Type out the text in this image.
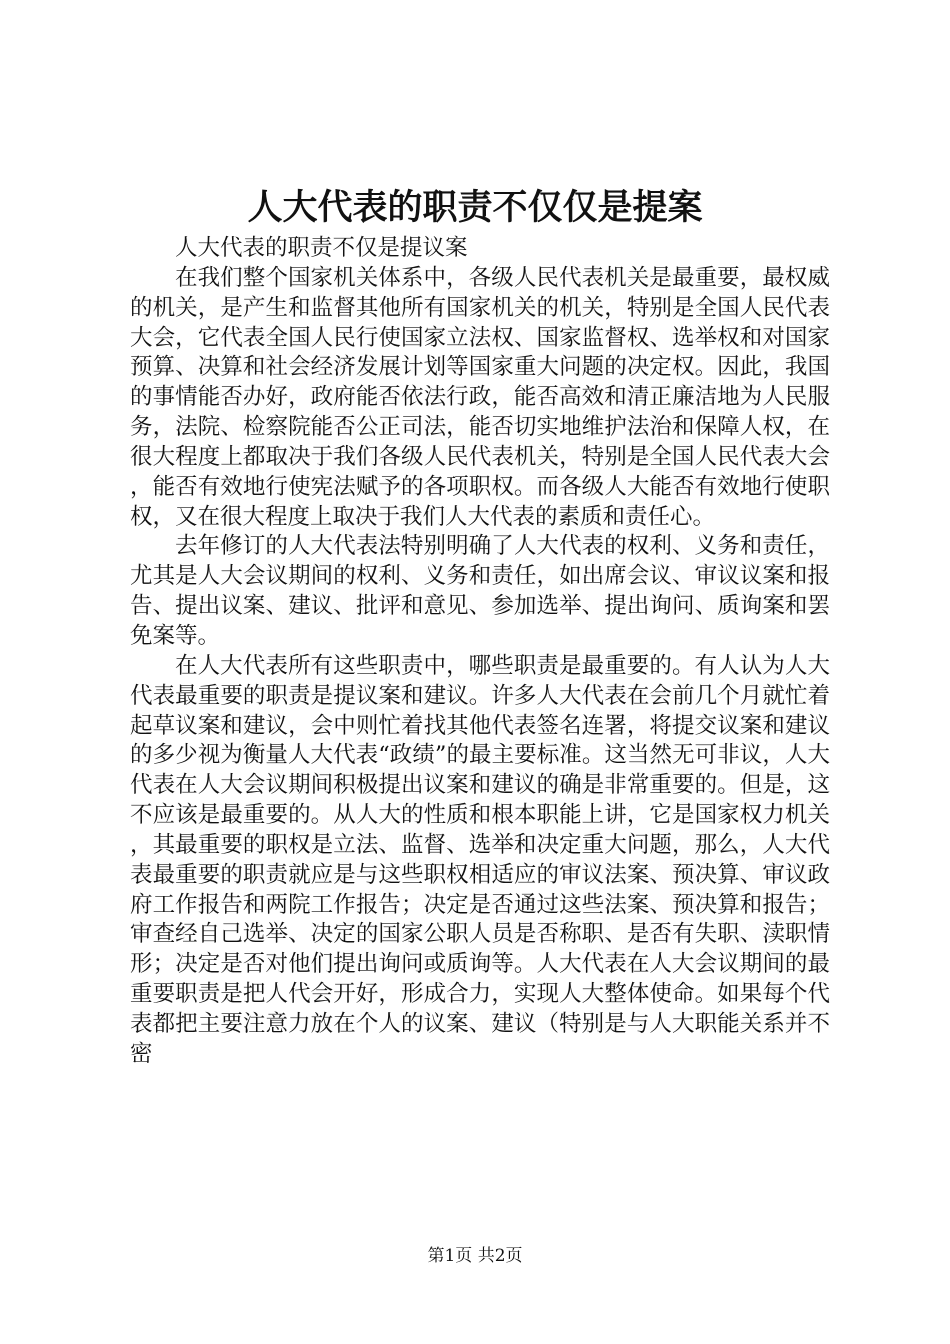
人大代表的职责不仅仅是提案

人大代表的职责不仅是提议案

在我们整个国家机关体系中，各级人民代表机关是最重要，最权威的机关，是产生和监督其他所有国家机关的机关，特别是全国人民代表大会，它代表全国人民行使国家立法权、国家监督权、选举权和对国家预算、决算和社会经济发展计划等国家重大问题的决定权。因此，我国的事情能否办好，政府能否依法行政，能否高效和清正廉洁地为人民服务，法院、检察院能否公正司法，能否切实地维护法治和保障人权，在很大程度上都取决于我们各级人民代表机关，特别是全国人民代表大会，能否有效地行使宪法赋予的各项职权。而各级人大能否有效地行使职权，又在很大程度上取决于我们人大代表的素质和责任心。

去年修订的人大代表法特别明确了人大代表的权利、义务和责任，尤其是人大会议期间的权利、义务和责任，如出席会议、审议议案和报告、提出议案、建议、批评和意见、参加选举、提出询问、质询案和罢免案等。

在人大代表所有这些职责中，哪些职责是最重要的。有人认为人大代表最重要的职责是提议案和建议。许多人大代表在会前几个月就忙着起草议案和建议，会中则忙着找其他代表签名连署，将提交议案和建议的多少视为衡量人大代表“政绩”的最主要标准。这当然无可非议，人大代表在人大会议期间积极提出议案和建议的确是非常重要的。但是，这不应该是最重要的。从人大的性质和根本职能上讲，它是国家权力机关，其最重要的职权是立法、监督、选举和决定重大问题，那么，人大代表最重要的职责就应是与这些职权相适应的审议法案、预决算、审议政府工作报告和两院工作报告；决定是否通过这些法案、预决算和报告；审查经自己选举、决定的国家公职人员是否称职、是否有失职、渎职情形；决定是否对他们提出询问或质询等。人大代表在人大会议期间的最重要职责是把人代会开好，形成合力，实现人大整体使命。如果每个代表都把主要注意力放在个人的议案、建议（特别是与人大职能关系并不密

第1页 共2页
